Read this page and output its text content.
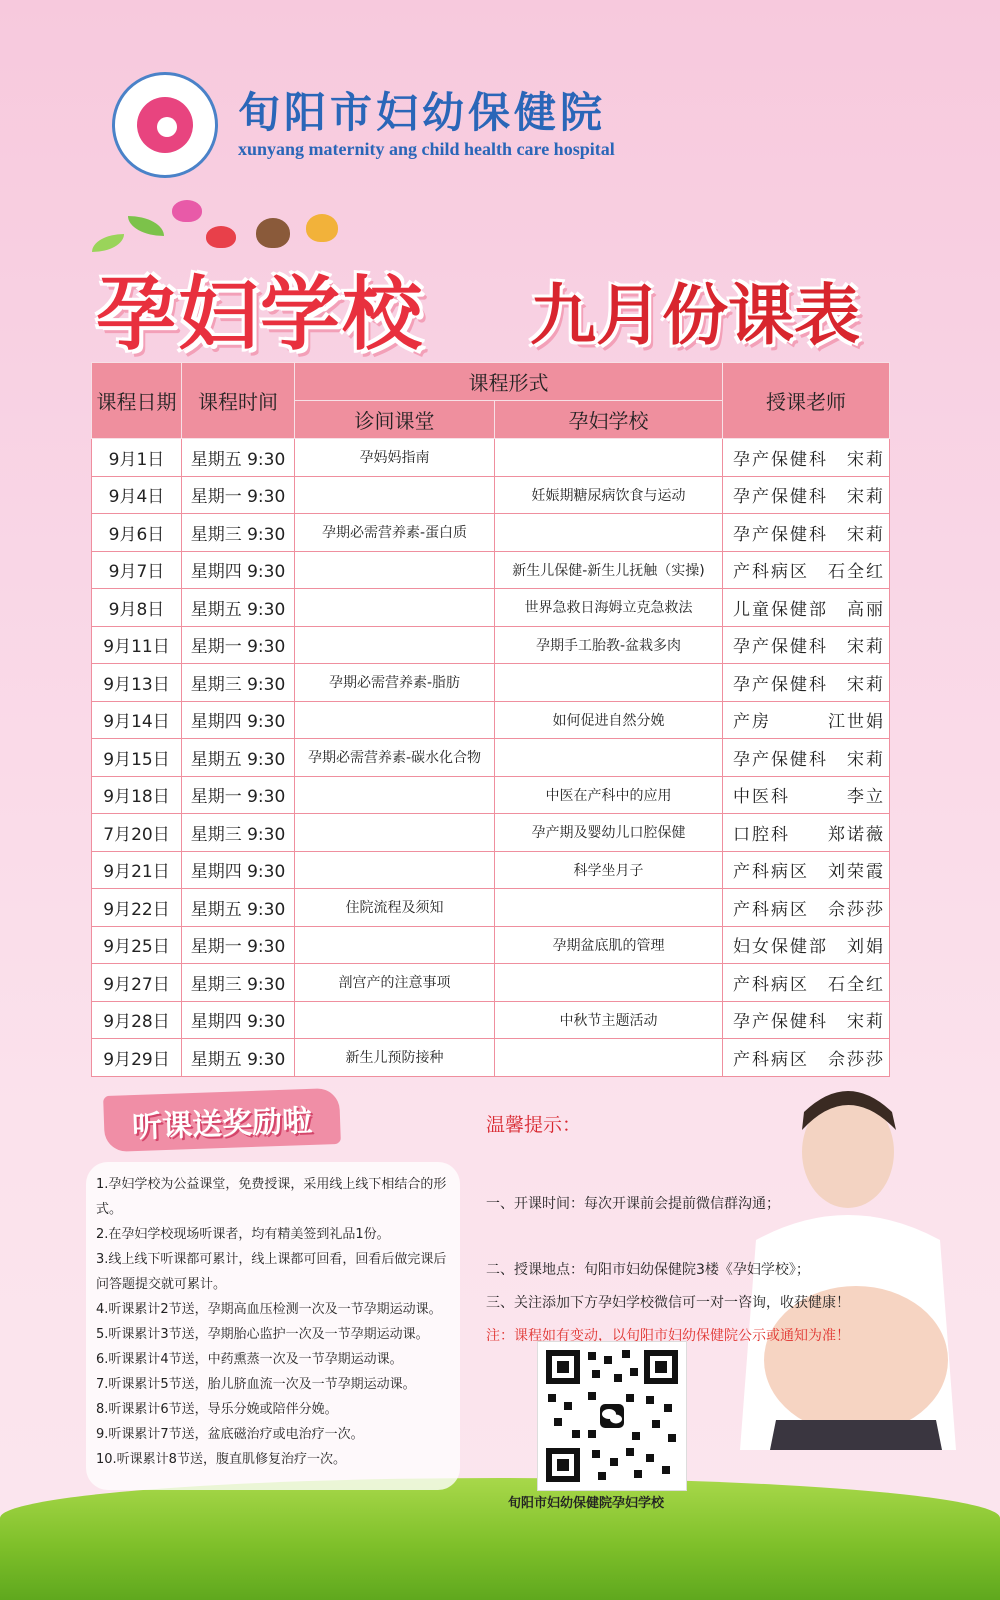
旬阳市妇幼保健院
xunyang maternity ang child health care hospital
孕妇学校 九月份课表
课程日期	课程时间	课程形式		授课老师
		诊间课堂	孕妇学校	
9月1日	星期五 9:30	孕妈妈指南		孕产保健科　宋莉
9月4日	星期一 9:30		妊娠期糖尿病饮食与运动	孕产保健科　宋莉
9月6日	星期三 9:30	孕期必需营养素-蛋白质		孕产保健科　宋莉
9月7日	星期四 9:30		新生儿保健-新生儿抚触（实操)	产科病区　石全红
9月8日	星期五 9:30		世界急救日海姆立克急救法	儿童保健部　高丽
9月11日	星期一 9:30		孕期手工胎教-盆栽多肉	孕产保健科　宋莉
9月13日	星期三 9:30	孕期必需营养素-脂肪		孕产保健科　宋莉
9月14日	星期四 9:30		如何促进自然分娩	产房　　　江世娟
9月15日	星期五 9:30	孕期必需营养素-碳水化合物		孕产保健科　宋莉
9月18日	星期一 9:30		中医在产科中的应用	中医科　　　李立
7月20日	星期三 9:30		孕产期及婴幼儿口腔保健	口腔科　　郑诺薇
9月21日	星期四 9:30		科学坐月子	产科病区　刘荣霞
9月22日	星期五 9:30	住院流程及须知		产科病区　佘莎莎
9月25日	星期一 9:30		孕期盆底肌的管理	妇女保健部　刘娟
9月27日	星期三 9:30	剖宫产的注意事项		产科病区　石全红
9月28日	星期四 9:30		中秋节主题活动	孕产保健科　宋莉
9月29日	星期五 9:30	新生儿预防接种		产科病区　佘莎莎
听课送奖励啦

1.孕妇学校为公益课堂，免费授课，采用线上线下相结合的形式。

2.在孕妇学校现场听课者，均有精美签到礼品1份。

3.线上线下听课都可累计，线上课都可回看，回看后做完课后问答题提交就可累计。

4.听课累计2节送，孕期高血压检测一次及一节孕期运动课。

5.听课累计3节送，孕期胎心监护一次及一节孕期运动课。

6.听课累计4节送，中药熏蒸一次及一节孕期运动课。

7.听课累计5节送，胎儿脐血流一次及一节孕期运动课。

8.听课累计6节送，导乐分娩或陪伴分娩。

9.听课累计7节送，盆底磁治疗或电治疗一次。

10.听课累计8节送，腹直肌修复治疗一次。

温馨提示：
一、开课时间：每次开课前会提前微信群沟通；
二、授课地点：旬阳市妇幼保健院3楼《孕妇学校》；
三、关注添加下方孕妇学校微信可一对一咨询，收获健康！
注：课程如有变动，以旬阳市妇幼保健院公示或通知为准！
旬阳市妇幼保健院孕妇学校
